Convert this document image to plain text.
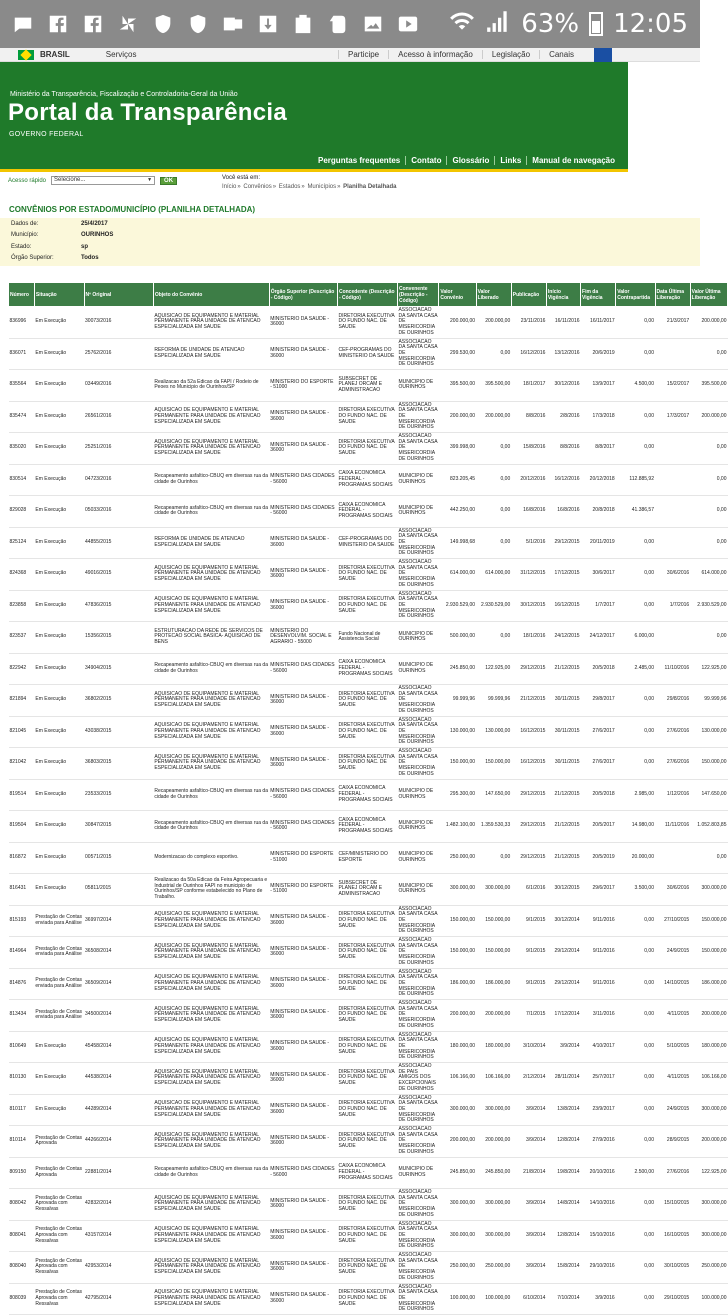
63% 12:05
BRASIL	Serviços	Participe	Acesso à informação	Legislação	Canais
Ministério da Transparência, Fiscalização e Controladoria-Geral da União
Portal da Transparência
GOVERNO FEDERAL
Perguntas frequentes	Contato	Glossário	Links	Manual de navegação
Acesso rápido	Selecione... ▼	OK	Você está em:
Início» Convênios» Estados» Municípios» Planilha Detalhada
CONVÊNIOS POR ESTADO/MUNICÍPIO (PLANILHA DETALHADA)
Dados de:	25/4/2017
Município:	OURINHOS
Estado:	sp
Órgão Superior:	Todos
Número	Situação	Nº Original	Objeto do Convênio	Órgão Superior (Descrição - Código)	Concedente (Descrição - Código)	Convenente (Descrição - Código)	Valor Convênio	Valor Liberado	Publicação	Início Vigência	Fim da Vigência	Valor Contrapartida	Data Última Liberação	Valor Última Liberação
836996	Em Execução	30073/2016	AQUISICAO DE EQUIPAMENTO E MATERIAL PERMANENTE PARA UNIDADE DE ATENCAO ESPECIALIZADA EM SAUDE	MINISTERIO DA SAUDE - 36000	DIRETORIA EXECUTIVA DO FUNDO NAC. DE SAUDE	ASSOCIACAO DA SANTA CASA DE MISERICORDIA DE OURINHOS	200.000,00	200.000,00	23/11/2016	16/11/2016	16/11/2017	0,00	21/3/2017	200.000,00
836071	Em Execução	25762/2016	REFORMA DE UNIDADE DE ATENCAO ESPECIALIZADA EM SAUDE	MINISTERIO DA SAUDE - 36000	CEF-PROGRAMAS DO MINISTERIO DA SAUDE	ASSOCIACAO DA SANTA CASA DE MISERICORDIA DE OURINHOS	299.530,00	0,00	16/12/2016	13/12/2016	20/6/2019	0,00		0,00
835564	Em Execução	03449/2016	Realizacao da 52a Edicao da FAPI / Rodeio de Peoes no Municipio de Ourinhos/SP	MINISTERIO DO ESPORTE - 51000	SUBSECRET DE PLANEJ ORCAM E ADMINISTRACAO	MUNICIPIO DE OURINHOS	395.500,00	395.500,00	18/1/2017	30/12/2016	13/9/2017	4.500,00	15/2/2017	395.500,00
835474	Em Execução	26561/2016	AQUISICAO DE EQUIPAMENTO E MATERIAL PERMANENTE PARA UNIDADE DE ATENCAO ESPECIALIZADA EM SAUDE	MINISTERIO DA SAUDE - 36000	DIRETORIA EXECUTIVA DO FUNDO NAC. DE SAUDE	ASSOCIACAO DA SANTA CASA DE MISERICORDIA DE OURINHOS	200.000,00	200.000,00	8/8/2016	2/8/2016	17/3/2018	0,00	17/3/2017	200.000,00
835020	Em Execução	25251/2016	AQUISICAO DE EQUIPAMENTO E MATERIAL PERMANENTE PARA UNIDADE DE ATENCAO ESPECIALIZADA EM SAUDE	MINISTERIO DA SAUDE - 36000	DIRETORIA EXECUTIVA DO FUNDO NAC. DE SAUDE	ASSOCIACAO DA SANTA CASA DE MISERICORDIA DE OURINHOS	399.998,00	0,00	15/8/2016	8/8/2016	8/8/2017	0,00		0,00
830514	Em Execução	04723/2016	Recapeamento asfaltico-CBUQ em diversas rua da cidade de Ourinhos	MINISTERIO DAS CIDADES - 56000	CAIXA ECONOMICA FEDERAL - PROGRAMAS SOCIAIS	MUNICIPIO DE OURINHOS	823.205,45	0,00	20/12/2016	16/12/2016	20/12/2018	112.885,92		0,00
829028	Em Execução	05033/2016	Recapeamento asfaltico-CBUQ em diversas rua da cidade de Ourinhos	MINISTERIO DAS CIDADES - 56000	CAIXA ECONOMICA FEDERAL - PROGRAMAS SOCIAIS	MUNICIPIO DE OURINHOS	442.250,00	0,00	16/8/2016	16/8/2016	20/8/2018	41.386,57		0,00
825124	Em Execução	44855/2015	REFORMA DE UNIDADE DE ATENCAO ESPECIALIZADA EM SAUDE	MINISTERIO DA SAUDE - 36000	CEF-PROGRAMAS DO MINISTERIO DA SAUDE	ASSOCIACAO DA SANTA CASA DE MISERICORDIA DE OURINHOS	149.998,68	0,00	5/1/2016	29/12/2015	20/11/2019	0,00		0,00
824368	Em Execução	49016/2015	AQUISICAO DE EQUIPAMENTO E MATERIAL PERMANENTE PARA UNIDADE DE ATENCAO ESPECIALIZADA EM SAUDE	MINISTERIO DA SAUDE - 36000	DIRETORIA EXECUTIVA DO FUNDO NAC. DE SAUDE	ASSOCIACAO DA SANTA CASA DE MISERICORDIA DE OURINHOS	614.000,00	614.000,00	31/12/2015	17/12/2015	30/6/2017	0,00	30/6/2016	614.000,00
823858	Em Execução	47836/2015	AQUISICAO DE EQUIPAMENTO E MATERIAL PERMANENTE PARA UNIDADE DE ATENCAO ESPECIALIZADA EM SAUDE	MINISTERIO DA SAUDE - 36000	DIRETORIA EXECUTIVA DO FUNDO NAC. DE SAUDE	ASSOCIACAO DA SANTA CASA DE MISERICORDIA DE OURINHOS	2.930.529,00	2.930.529,00	30/12/2015	16/12/2015	1/7/2017	0,00	1/7/2016	2.930.529,00
823537	Em Execução	15356/2015	ESTRUTURACAO DA REDE DE SERVICOS DE PROTECAO SOCIAL BASICA- AQUISICAO DE BENS	MINISTERIO DO DESENVOLVIM. SOCIAL E AGRARIO - 55000	Fundo Nacional de Assistencia Social	MUNICIPIO DE OURINHOS	500.000,00	0,00	18/1/2016	24/12/2015	24/12/2017	6.000,00		0,00
822942	Em Execução	34904/2015	Recapeamento asfaltico-CBUQ em diversas rua da cidade de Ourinhos	MINISTERIO DAS CIDADES - 56000	CAIXA ECONOMICA FEDERAL - PROGRAMAS SOCIAIS	MUNICIPIO DE OURINHOS	245.850,00	122.925,00	29/12/2015	21/12/2015	20/5/2018	2.485,00	11/10/2016	122.925,00
821894	Em Execução	36802/2015	AQUISICAO DE EQUIPAMENTO E MATERIAL PERMANENTE PARA UNIDADE DE ATENCAO ESPECIALIZADA EM SAUDE	MINISTERIO DA SAUDE - 36000	DIRETORIA EXECUTIVA DO FUNDO NAC. DE SAUDE	ASSOCIACAO DA SANTA CASA DE MISERICORDIA DE OURINHOS	99.999,96	99.999,96	21/12/2015	30/11/2015	29/8/2017	0,00	29/8/2016	99.999,96
821045	Em Execução	43038/2015	AQUISICAO DE EQUIPAMENTO E MATERIAL PERMANENTE PARA UNIDADE DE ATENCAO ESPECIALIZADA EM SAUDE	MINISTERIO DA SAUDE - 36000	DIRETORIA EXECUTIVA DO FUNDO NAC. DE SAUDE	ASSOCIACAO DA SANTA CASA DE MISERICORDIA DE OURINHOS	130.000,00	130.000,00	16/12/2015	30/11/2015	27/6/2017	0,00	27/6/2016	130.000,00
821042	Em Execução	36803/2015	AQUISICAO DE EQUIPAMENTO E MATERIAL PERMANENTE PARA UNIDADE DE ATENCAO ESPECIALIZADA EM SAUDE	MINISTERIO DA SAUDE - 36000	DIRETORIA EXECUTIVA DO FUNDO NAC. DE SAUDE	ASSOCIACAO DA SANTA CASA DE MISERICORDIA DE OURINHOS	150.000,00	150.000,00	16/12/2015	30/11/2015	27/6/2017	0,00	27/6/2016	150.000,00
819514	Em Execução	23533/2015	Recapeamento asfaltico-CBUQ em diversas rua da cidade de Ourinhos	MINISTERIO DAS CIDADES - 56000	CAIXA ECONOMICA FEDERAL - PROGRAMAS SOCIAIS	MUNICIPIO DE OURINHOS	295.300,00	147.650,00	29/12/2015	21/12/2015	20/5/2018	2.985,00	1/12/2016	147.650,00
819504	Em Execução	30847/2015	Recapeamento asfaltico-CBUQ em diversas rua da cidade de Ourinhos	MINISTERIO DAS CIDADES - 56000	CAIXA ECONOMICA FEDERAL - PROGRAMAS SOCIAIS	MUNICIPIO DE OURINHOS	1.482.100,00	1.359.530,33	29/12/2015	21/12/2015	20/5/2017	14.980,00	11/11/2016	1.052.803,85
816872	Em Execução	00571/2015	Modernizacao do complexo esportivo.	MINISTERIO DO ESPORTE - 51000	CEF/MINISTERIO DO ESPORTE	MUNICIPIO DE OURINHOS	250.000,00	0,00	29/12/2015	21/12/2015	20/5/2019	20.000,00		0,00
816431	Em Execução	05811/2015	Realizacao da 50a Edicao da Feira Agropecuaria e Industrial de Ourinhos FAPI no municipio de Ourinhos/SP conforme estabelecido no Plano de Trabalho.	MINISTERIO DO ESPORTE - 51000	SUBSECRET DE PLANEJ ORCAM E ADMINISTRACAO	MUNICIPIO DE OURINHOS	300.000,00	300.000,00	6/1/2016	30/12/2015	29/6/2017	3.500,00	30/6/2016	300.000,00
815193	Prestação de Contas enviada para Análise	36997/2014	AQUISICAO DE EQUIPAMENTO E MATERIAL PERMANENTE PARA UNIDADE DE ATENCAO ESPECIALIZADA EM SAUDE	MINISTERIO DA SAUDE - 36000	DIRETORIA EXECUTIVA DO FUNDO NAC. DE SAUDE	ASSOCIACAO DA SANTA CASA DE MISERICORDIA DE OURINHOS	150.000,00	150.000,00	9/1/2015	30/12/2014	9/11/2016	0,00	27/10/2015	150.000,00
814964	Prestação de Contas enviada para Análise	36508/2014	AQUISICAO DE EQUIPAMENTO E MATERIAL PERMANENTE PARA UNIDADE DE ATENCAO ESPECIALIZADA EM SAUDE	MINISTERIO DA SAUDE - 36000	DIRETORIA EXECUTIVA DO FUNDO NAC. DE SAUDE	ASSOCIACAO DA SANTA CASA DE MISERICORDIA DE OURINHOS	150.000,00	150.000,00	9/1/2015	29/12/2014	9/11/2016	0,00	24/9/2015	150.000,00
814876	Prestação de Contas enviada para Análise	36509/2014	AQUISICAO DE EQUIPAMENTO E MATERIAL PERMANENTE PARA UNIDADE DE ATENCAO ESPECIALIZADA EM SAUDE	MINISTERIO DA SAUDE - 36000	DIRETORIA EXECUTIVA DO FUNDO NAC. DE SAUDE	ASSOCIACAO DA SANTA CASA DE MISERICORDIA DE OURINHOS	186.000,00	186.000,00	9/1/2015	29/12/2014	9/11/2016	0,00	14/10/2015	186.000,00
813434	Prestação de Contas enviada para Análise	34500/2014	AQUISICAO DE EQUIPAMENTO E MATERIAL PERMANENTE PARA UNIDADE DE ATENCAO ESPECIALIZADA EM SAUDE	MINISTERIO DA SAUDE - 36000	DIRETORIA EXECUTIVA DO FUNDO NAC. DE SAUDE	ASSOCIACAO DA SANTA CASA DE MISERICORDIA DE OURINHOS	200.000,00	200.000,00	7/1/2015	17/12/2014	3/11/2016	0,00	4/11/2015	200.000,00
810649	Em Execução	45458/2014	AQUISICAO DE EQUIPAMENTO E MATERIAL PERMANENTE PARA UNIDADE DE ATENCAO ESPECIALIZADA EM SAUDE	MINISTERIO DA SAUDE - 36000	DIRETORIA EXECUTIVA DO FUNDO NAC. DE SAUDE	ASSOCIACAO DA SANTA CASA DE MISERICORDIA DE OURINHOS	180.000,00	180.000,00	3/10/2014	3/9/2014	4/10/2017	0,00	5/10/2015	180.000,00
810130	Em Execução	44538/2014	AQUISICAO DE EQUIPAMENTO E MATERIAL PERMANENTE PARA UNIDADE DE ATENCAO ESPECIALIZADA EM SAUDE	MINISTERIO DA SAUDE - 36000	DIRETORIA EXECUTIVA DO FUNDO NAC. DE SAUDE	ASSOCIACAO DE PAIS AMIGOS DOS EXCEPCIONAIS DE OURINHOS	106.166,00	106.166,00	2/12/2014	28/11/2014	25/7/2017	0,00	4/11/2015	106.166,00
810117	Em Execução	44289/2014	AQUISICAO DE EQUIPAMENTO E MATERIAL PERMANENTE PARA UNIDADE DE ATENCAO ESPECIALIZADA EM SAUDE	MINISTERIO DA SAUDE - 36000	DIRETORIA EXECUTIVA DO FUNDO NAC. DE SAUDE	ASSOCIACAO DA SANTA CASA DE MISERICORDIA DE OURINHOS	300.000,00	300.000,00	3/9/2014	13/8/2014	23/9/2017	0,00	24/9/2015	300.000,00
810114	Prestação de Contas Aprovada	44266/2014	AQUISICAO DE EQUIPAMENTO E MATERIAL PERMANENTE PARA UNIDADE DE ATENCAO ESPECIALIZADA EM SAUDE	MINISTERIO DA SAUDE - 36000	DIRETORIA EXECUTIVA DO FUNDO NAC. DE SAUDE	ASSOCIACAO DA SANTA CASA DE MISERICORDIA DE OURINHOS	200.000,00	200.000,00	3/9/2014	12/8/2014	27/9/2016	0,00	28/9/2015	200.000,00
809150	Prestação de Contas Aprovada	22881/2014	Recapeamento asfaltico-CBUQ em diversas rua da cidade de Ourinhos	MINISTERIO DAS CIDADES - 56000	CAIXA ECONOMICA FEDERAL - PROGRAMAS SOCIAIS	MUNICIPIO DE OURINHOS	245.850,00	245.850,00	21/8/2014	19/8/2014	20/10/2016	2.500,00	27/6/2016	122.925,00
808042	Prestação de Contas Aprovada com Ressalvas	42832/2014	AQUISICAO DE EQUIPAMENTO E MATERIAL PERMANENTE PARA UNIDADE DE ATENCAO ESPECIALIZADA EM SAUDE	MINISTERIO DA SAUDE - 36000	DIRETORIA EXECUTIVA DO FUNDO NAC. DE SAUDE	ASSOCIACAO DA SANTA CASA DE MISERICORDIA DE OURINHOS	300.000,00	300.000,00	3/9/2014	14/8/2014	14/10/2016	0,00	15/10/2015	300.000,00
808041	Prestação de Contas Aprovada com Ressalvas	43157/2014	AQUISICAO DE EQUIPAMENTO E MATERIAL PERMANENTE PARA UNIDADE DE ATENCAO ESPECIALIZADA EM SAUDE	MINISTERIO DA SAUDE - 36000	DIRETORIA EXECUTIVA DO FUNDO NAC. DE SAUDE	ASSOCIACAO DA SANTA CASA DE MISERICORDIA DE OURINHOS	300.000,00	300.000,00	3/9/2014	12/8/2014	15/10/2016	0,00	16/10/2015	300.000,00
808040	Prestação de Contas Aprovada com Ressalvas	42953/2014	AQUISICAO DE EQUIPAMENTO E MATERIAL PERMANENTE PARA UNIDADE DE ATENCAO ESPECIALIZADA EM SAUDE	MINISTERIO DA SAUDE - 36000	DIRETORIA EXECUTIVA DO FUNDO NAC. DE SAUDE	ASSOCIACAO DA SANTA CASA DE MISERICORDIA DE OURINHOS	250.000,00	250.000,00	3/9/2014	15/8/2014	29/10/2016	0,00	30/10/2015	250.000,00
808039	Prestação de Contas Aprovada com Ressalvas	42795/2014	AQUISICAO DE EQUIPAMENTO E MATERIAL PERMANENTE PARA UNIDADE DE ATENCAO ESPECIALIZADA EM SAUDE	MINISTERIO DA SAUDE - 36000	DIRETORIA EXECUTIVA DO FUNDO NAC. DE SAUDE	ASSOCIACAO DA SANTA CASA DE MISERICORDIA DE OURINHOS	100.000,00	100.000,00	6/10/2014	7/10/2014	3/9/2016	0,00	29/10/2015	100.000,00
